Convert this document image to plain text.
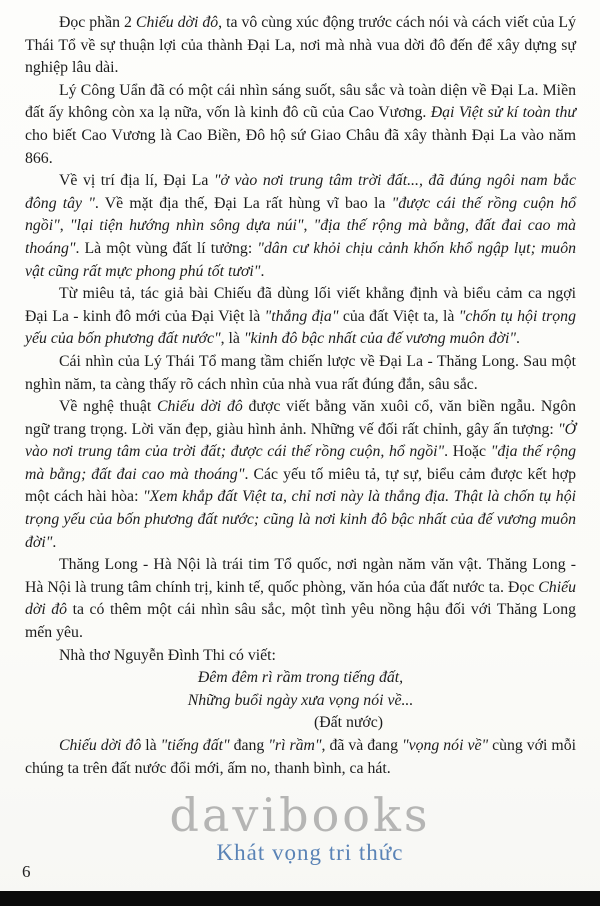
Đọc phần 2 Chiếu dời đô, ta vô cùng xúc động trước cách nói và cách viết của Lý Thái Tổ về sự thuận lợi của thành Đại La, nơi mà nhà vua dời đô đến để xây dựng sự nghiệp lâu dài.

Lý Công Uẩn đã có một cái nhìn sáng suốt, sâu sắc và toàn diện về Đại La. Miền đất ấy không còn xa lạ nữa, vốn là kinh đô cũ của Cao Vương. Đại Việt sử kí toàn thư cho biết Cao Vương là Cao Biền, Đô hộ sứ Giao Châu đã xây thành Đại La vào năm 866.

Về vị trí địa lí, Đại La "ở vào nơi trung tâm trời đất..., đã đúng ngôi nam bắc đông tây ". Về mặt địa thế, Đại La rất hùng vĩ bao la "được cái thế rồng cuộn hổ ngồi", "lại tiện hướng nhìn sông dựa núi", "địa thế rộng mà bằng, đất đai cao mà thoáng". Là một vùng đất lí tưởng: "dân cư khỏi chịu cảnh khốn khổ ngập lụt; muôn vật cũng rất mực phong phú tốt tươi".

Từ miêu tả, tác giả bài Chiếu đã dùng lối viết khẳng định và biểu cảm ca ngợi Đại La - kinh đô mới của Đại Việt là "thắng địa" của đất Việt ta, là "chốn tụ hội trọng yếu của bốn phương đất nước", là "kinh đô bậc nhất của đế vương muôn đời".

Cái nhìn của Lý Thái Tổ mang tầm chiến lược về Đại La - Thăng Long. Sau một nghìn năm, ta càng thấy rõ cách nhìn của nhà vua rất đúng đắn, sâu sắc.

Về nghệ thuật Chiếu dời đô được viết bằng văn xuôi cổ, văn biền ngẫu. Ngôn ngữ trang trọng. Lời văn đẹp, giàu hình ảnh. Những vế đối rất chỉnh, gây ấn tượng: "Ở vào nơi trung tâm của trời đất; được cái thế rồng cuộn, hổ ngồi". Hoặc "địa thế rộng mà bằng; đất đai cao mà thoáng". Các yếu tố miêu tả, tự sự, biểu cảm được kết hợp một cách hài hòa: "Xem khắp đất Việt ta, chỉ nơi này là thắng địa. Thật là chốn tụ hội trọng yếu của bốn phương đất nước; cũng là nơi kinh đô bậc nhất của đế vương muôn đời".

Thăng Long - Hà Nội là trái tim Tổ quốc, nơi ngàn năm văn vật. Thăng Long - Hà Nội là trung tâm chính trị, kinh tế, quốc phòng, văn hóa của đất nước ta. Đọc Chiếu dời đô ta có thêm một cái nhìn sâu sắc, một tình yêu nồng hậu đối với Thăng Long mến yêu.

Nhà thơ Nguyễn Đình Thi có viết:

Đêm đêm rì rầm trong tiếng đất,

Những buổi ngày xưa vọng nói về...

(Đất nước)

Chiếu dời đô là "tiếng đất" đang "rì rầm", đã và đang "vọng nói về" cùng với mỗi chúng ta trên đất nước đổi mới, ấm no, thanh bình, ca hát.

davibooks
Khát vọng tri thức
6
